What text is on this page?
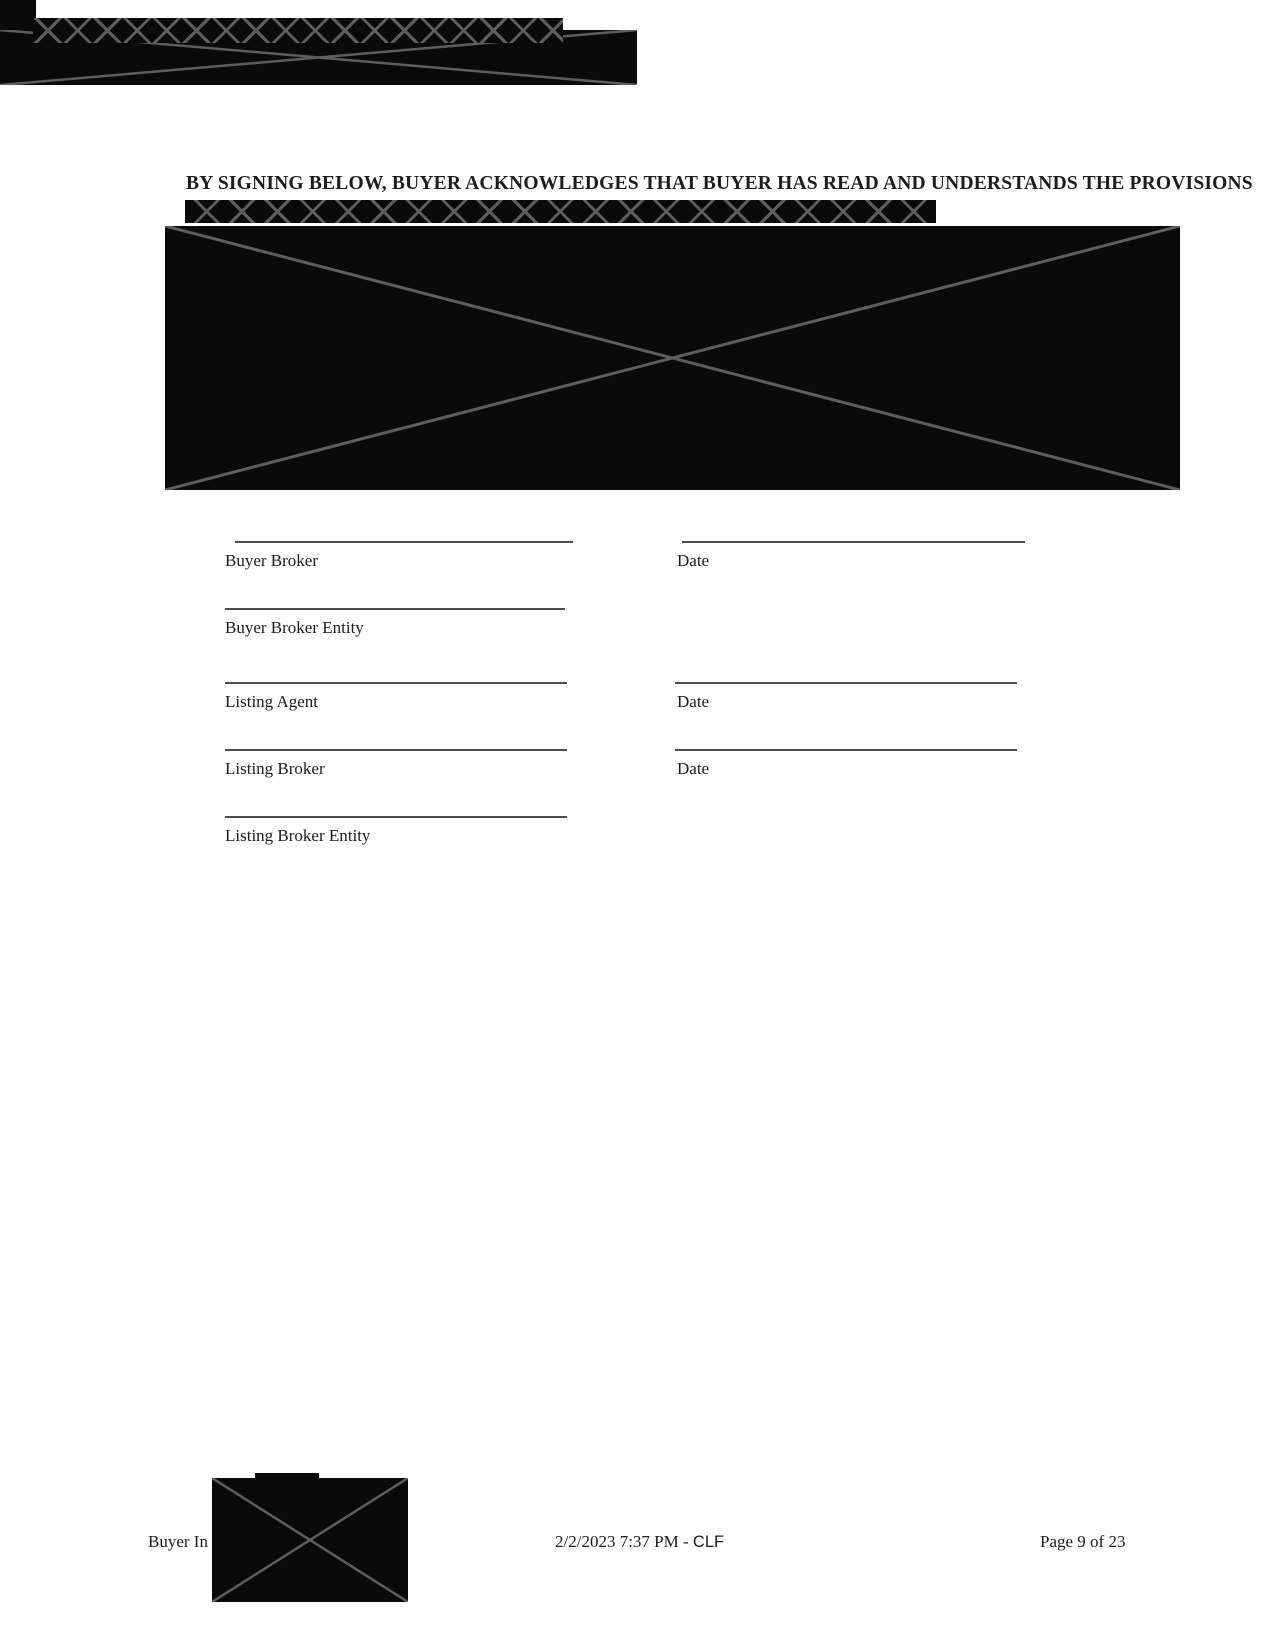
BY SIGNING BELOW, BUYER ACKNOWLEDGES THAT BUYER HAS READ AND UNDERSTANDS THE PROVISIONS
Buyer Broker	Date
Buyer Broker Entity
Listing Agent	Date
Listing Broker	Date
Listing Broker Entity
Buyer In	2/2/2023 7:37 PM - CLF	Page 9 of 23
